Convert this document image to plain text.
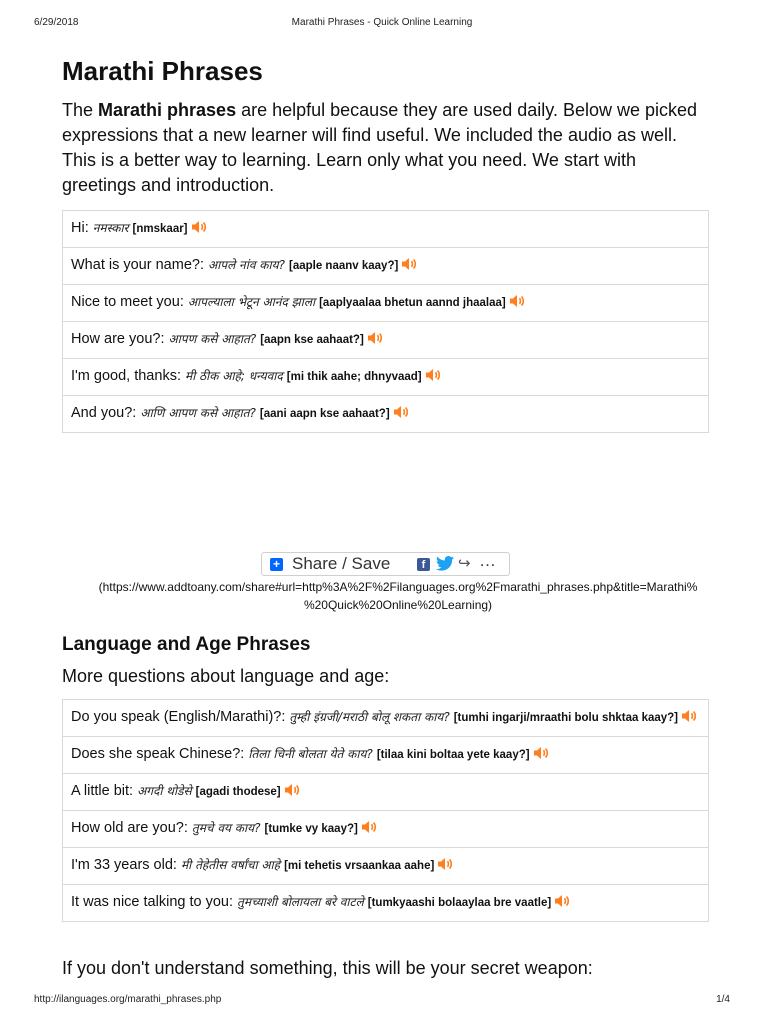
6/29/2018	Marathi Phrases - Quick Online Learning
Marathi Phrases

The Marathi phrases are helpful because they are used daily. Below we picked expressions that a new learner will find useful. We included the audio as well. This is a better way to learning. Learn only what you need. We start with greetings and introduction.

Hi: नमस्कार [nmskaar]

What is your name?: आपले नांव काय? [aaple naanv kaay?]

Nice to meet you: आपल्याला भेटून आनंद झाला [aaplyaalaa bhetun aannd jhaalaa]

How are you?: आपण कसे आहात? [aapn kse aahaat?]

I'm good, thanks: मी ठीक आहे; धन्यवाद [mi thik aahe; dhnyvaad]

And you?: आणि आपण कसे आहात? [aani aapn kse aahaat?]
+ Share / Save	f	↪ …
(https://www.addtoany.com/share#url=http%3A%2F%2Filanguages.org%2Fmarathi_phrases.php&title=Marathi%
%20Quick%20Online%20Learning)
Language and Age Phrases

More questions about language and age:

Do you speak (English/Marathi)?: तुम्ही इंग्रजी/मराठी बोलू शकता काय? [tumhi ingarji/mraathi bolu shktaa kaay?]

Does she speak Chinese?: तिला चिनी बोलता येते काय? [tilaa kini boltaa yete kaay?]

A little bit: अगदी थोडेसे [agadi thodese]

How old are you?: तुमचे वय काय? [tumke vy kaay?]

I'm 33 years old: मी तेहेतीस वर्षांचा आहे [mi tehetis vrsaankaa aahe]

It was nice talking to you: तुमच्याशी बोलायला बरे वाटले [tumkyaashi bolaaylaa bre vaatle]

If you don't understand something, this will be your secret weapon:

http://ilanguages.org/marathi_phrases.php	1/4
